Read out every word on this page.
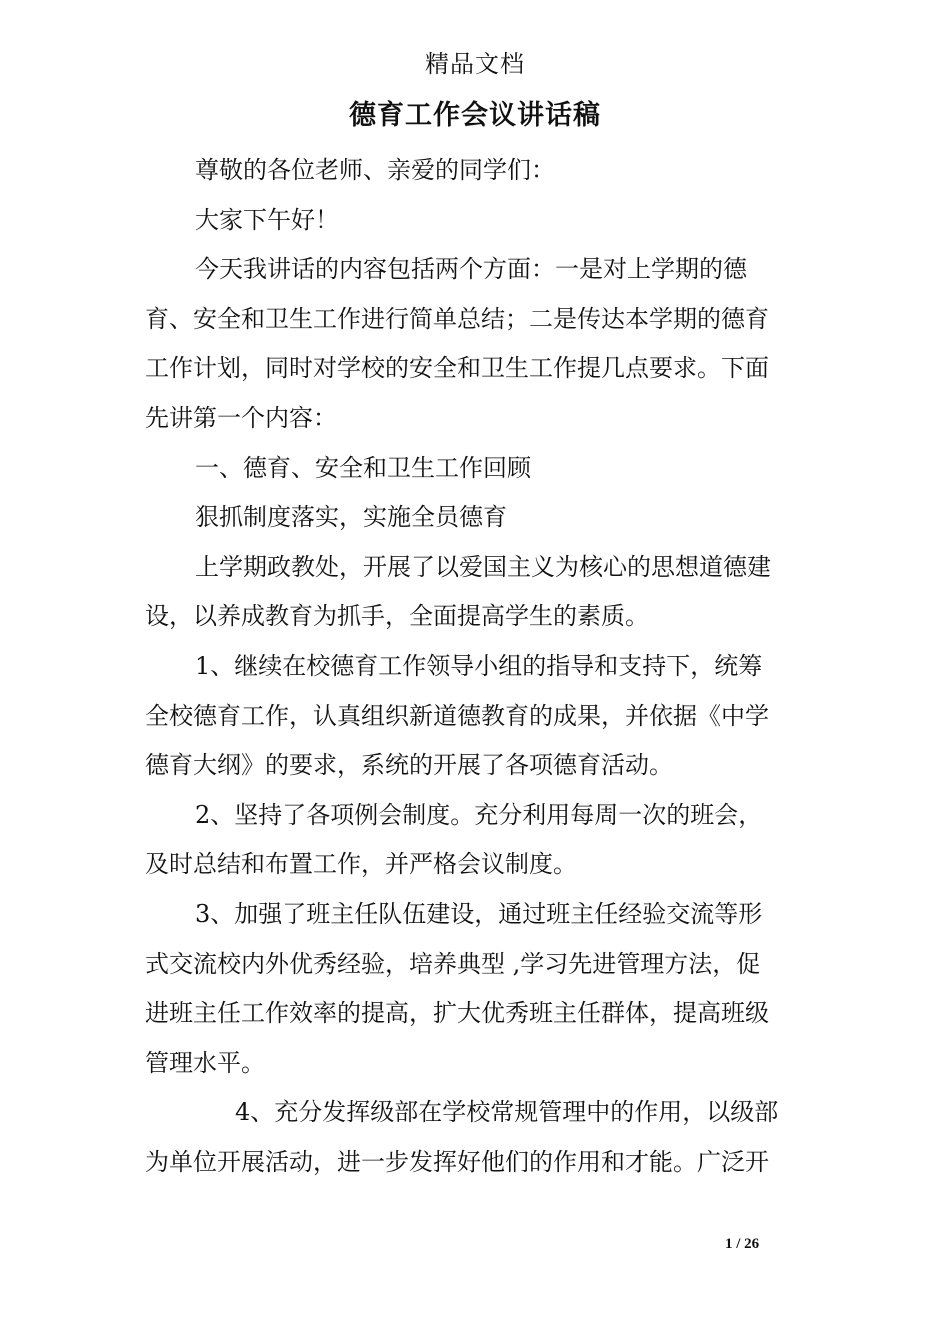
精品文档
德育工作会议讲话稿
尊敬的各位老师、亲爱的同学们：
大家下午好！
今天我讲话的内容包括两个方面：一是对上学期的德
育、安全和卫生工作进行简单总结；二是传达本学期的德育
工作计划，同时对学校的安全和卫生工作提几点要求。下面
先讲第一个内容：
一、德育、安全和卫生工作回顾
狠抓制度落实，实施全员德育
上学期政教处，开展了以爱国主义为核心的思想道德建
设，以养成教育为抓手，全面提高学生的素质。
1、继续在校德育工作领导小组的指导和支持下，统筹
全校德育工作，认真组织新道德教育的成果，并依据《中学
德育大纲》的要求，系统的开展了各项德育活动。
2、坚持了各项例会制度。充分利用每周一次的班会，
及时总结和布置工作，并严格会议制度。
3、加强了班主任队伍建设，通过班主任经验交流等形
式交流校内外优秀经验，培养典型 ,学习先进管理方法，促
进班主任工作效率的提高，扩大优秀班主任群体，提高班级
管理水平。
4、充分发挥级部在学校常规管理中的作用，以级部
为单位开展活动，进一步发挥好他们的作用和才能。广泛开
1 / 26
